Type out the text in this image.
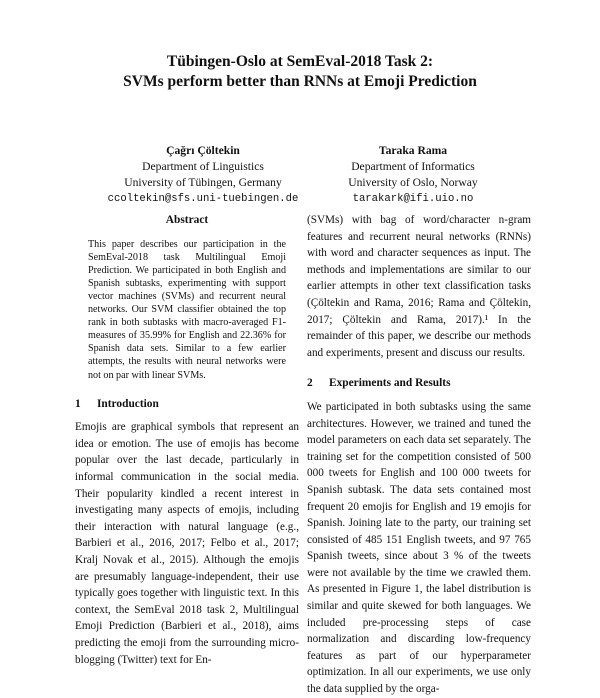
Tübingen-Oslo at SemEval-2018 Task 2:
SVMs perform better than RNNs at Emoji Prediction
Çağrı Çöltekin
Department of Linguistics
University of Tübingen, Germany
ccoltekin@sfs.uni-tuebingen.de
Taraka Rama
Department of Informatics
University of Oslo, Norway
tarakark@ifi.uio.no
Abstract
This paper describes our participation in the SemEval-2018 task Multilingual Emoji Prediction. We participated in both English and Spanish subtasks, experimenting with support vector machines (SVMs) and recurrent neural networks. Our SVM classifier obtained the top rank in both subtasks with macro-averaged F1-measures of 35.99% for English and 22.36% for Spanish data sets. Similar to a few earlier attempts, the results with neural networks were not on par with linear SVMs.
1 Introduction
Emojis are graphical symbols that represent an idea or emotion. The use of emojis has become popular over the last decade, particularly in informal communication in the social media. Their popularity kindled a recent interest in investigating many aspects of emojis, including their interaction with natural language (e.g., Barbieri et al., 2016, 2017; Felbo et al., 2017; Kralj Novak et al., 2015). Although the emojis are presumably language-independent, their use typically goes together with linguistic text. In this context, the SemEval 2018 task 2, Multilingual Emoji Prediction (Barbieri et al., 2018), aims predicting the emoji from the surrounding micro-blogging (Twitter) text for En-
(SVMs) with bag of word/character n-gram features and recurrent neural networks (RNNs) with word and character sequences as input. The methods and implementations are similar to our earlier attempts in other text classification tasks (Çöltekin and Rama, 2016; Rama and Çöltekin, 2017; Çöltekin and Rama, 2017).¹ In the remainder of this paper, we describe our methods and experiments, present and discuss our results.
2 Experiments and Results
We participated in both subtasks using the same architectures. However, we trained and tuned the model parameters on each data set separately. The training set for the competition consisted of 500 000 tweets for English and 100 000 tweets for Spanish subtask. The data sets contained most frequent 20 emojis for English and 19 emojis for Spanish. Joining late to the party, our training set consisted of 485 151 English tweets, and 97 765 Spanish tweets, since about 3 % of the tweets were not available by the time we crawled them. As presented in Figure 1, the label distribution is similar and quite skewed for both languages. We included pre-processing steps of case normalization and discarding low-frequency features as part of our hyperparameter optimization. In all our experiments, we use only the data supplied by the orga-
